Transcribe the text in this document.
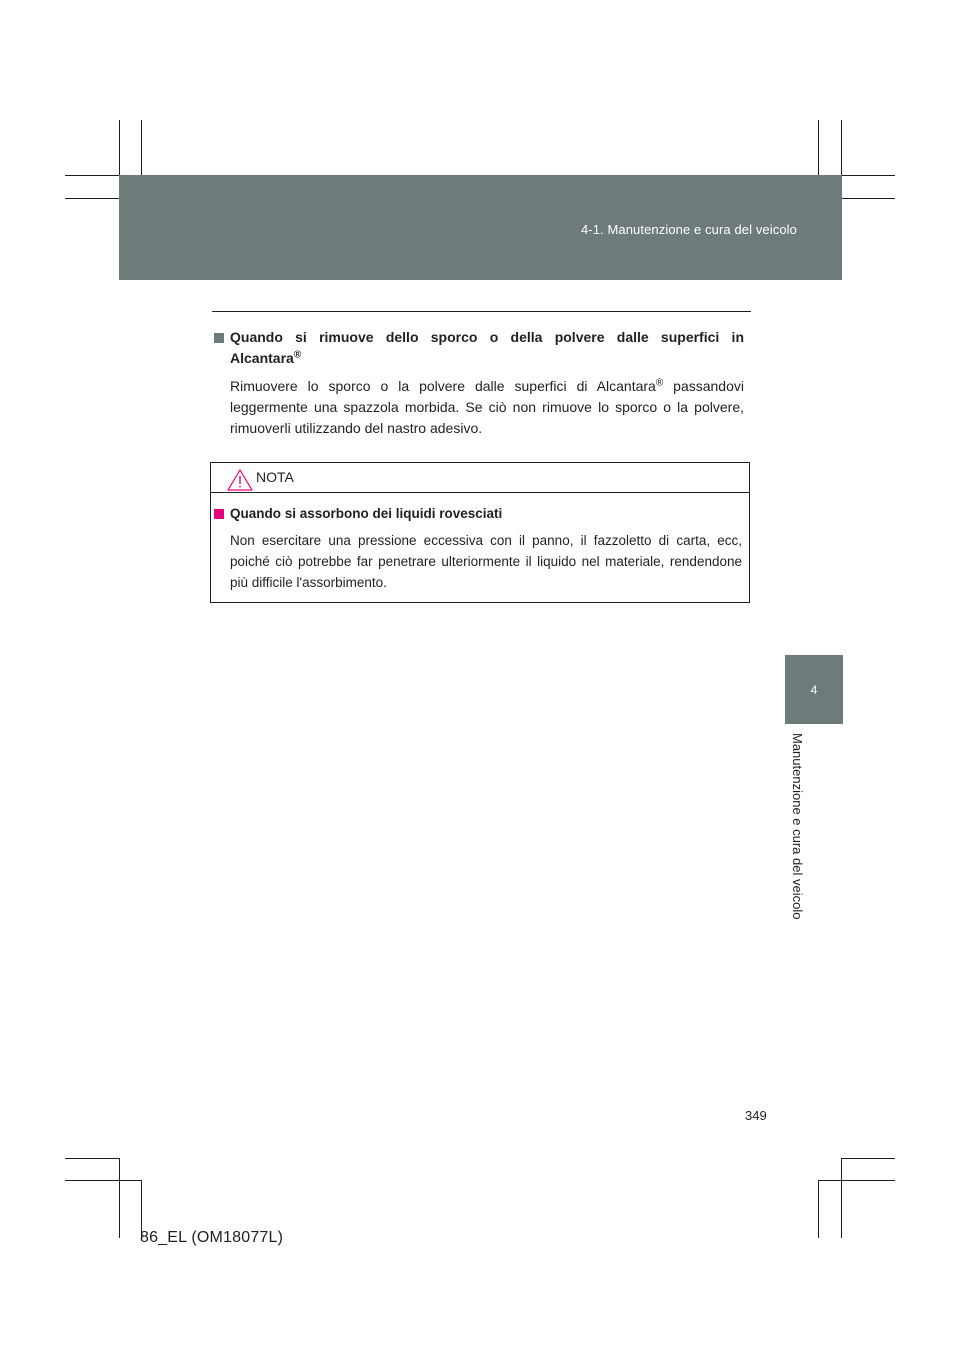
4-1. Manutenzione e cura del veicolo
4
Manutenzione e cura del veicolo
Quando si rimuove dello sporco o della polvere dalle superfici in
Alcantara®
Rimuovere lo sporco o la polvere dalle superfici di Alcantara® passandovi leggermente una spazzola morbida. Se ciò non rimuove lo sporco o la polvere, rimuoverli utilizzando del nastro adesivo.
NOTA
Quando si assorbono dei liquidi rovesciati
Non esercitare una pressione eccessiva con il panno, il fazzoletto di carta, ecc, poiché ciò potrebbe far penetrare ulteriormente il liquido nel materiale, rendendone più difficile l'assorbimento.
349
86_EL (OM18077L)
